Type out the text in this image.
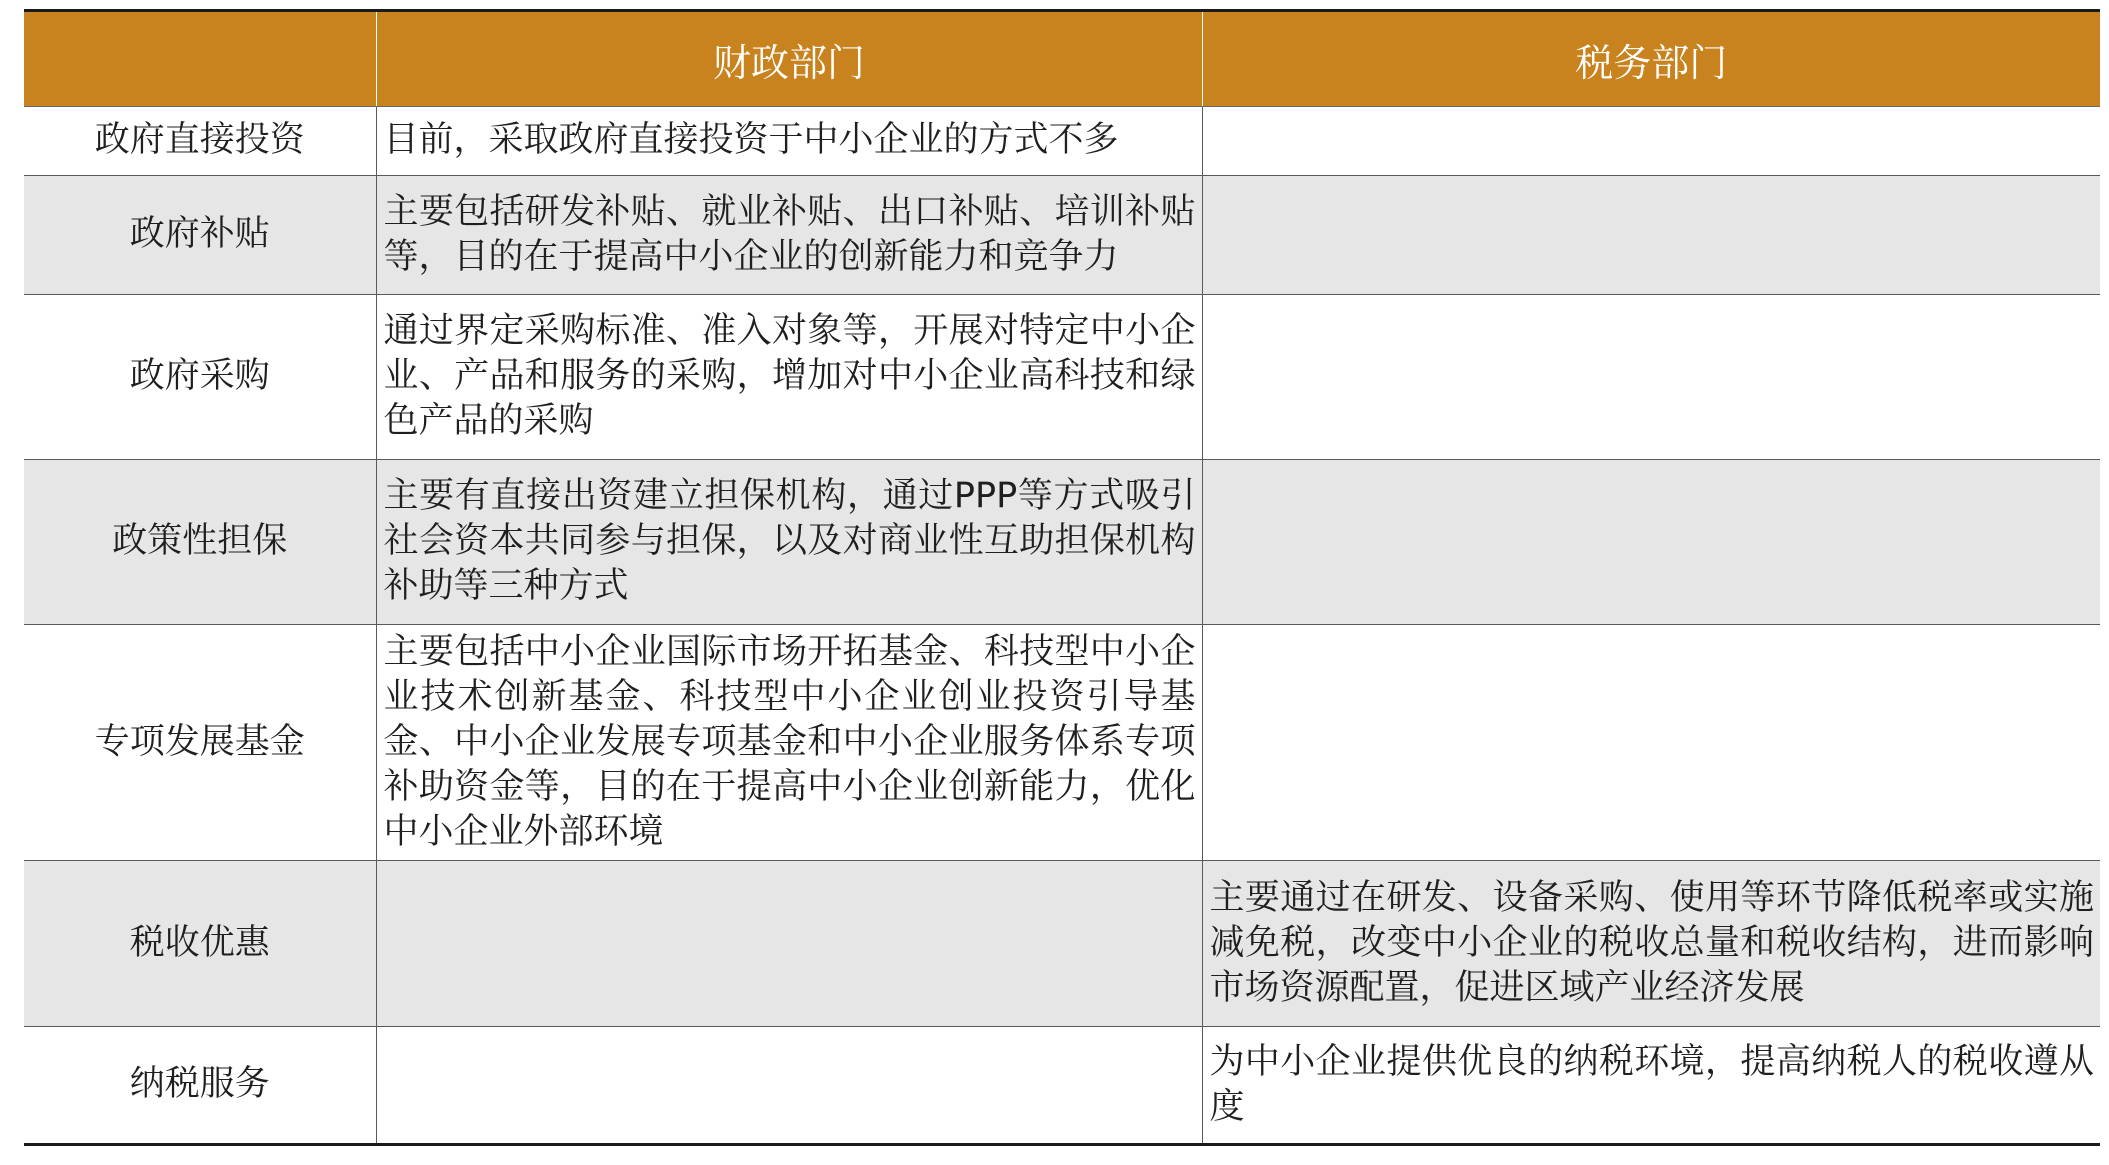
	财政部门	税务部门
政府直接投资	目前，采取政府直接投资于中小企业的方式不多	
政府补贴	主要包括研发补贴、就业补贴、出口补贴、培训补贴等，目的在于提高中小企业的创新能力和竞争力	
政府采购	通过界定采购标准、准入对象等，开展对特定中小企业、产品和服务的采购，增加对中小企业高科技和绿色产品的采购	
政策性担保	主要有直接出资建立担保机构，通过PPP等方式吸引社会资本共同参与担保，以及对商业性互助担保机构补助等三种方式	
专项发展基金	主要包括中小企业国际市场开拓基金、科技型中小企业技术创新基金、科技型中小企业创业投资引导基金、中小企业发展专项基金和中小企业服务体系专项补助资金等，目的在于提高中小企业创新能力，优化中小企业外部环境	
税收优惠		主要通过在研发、设备采购、使用等环节降低税率或实施减免税，改变中小企业的税收总量和税收结构，进而影响市场资源配置，促进区域产业经济发展
纳税服务		为中小企业提供优良的纳税环境，提高纳税人的税收遵从度
